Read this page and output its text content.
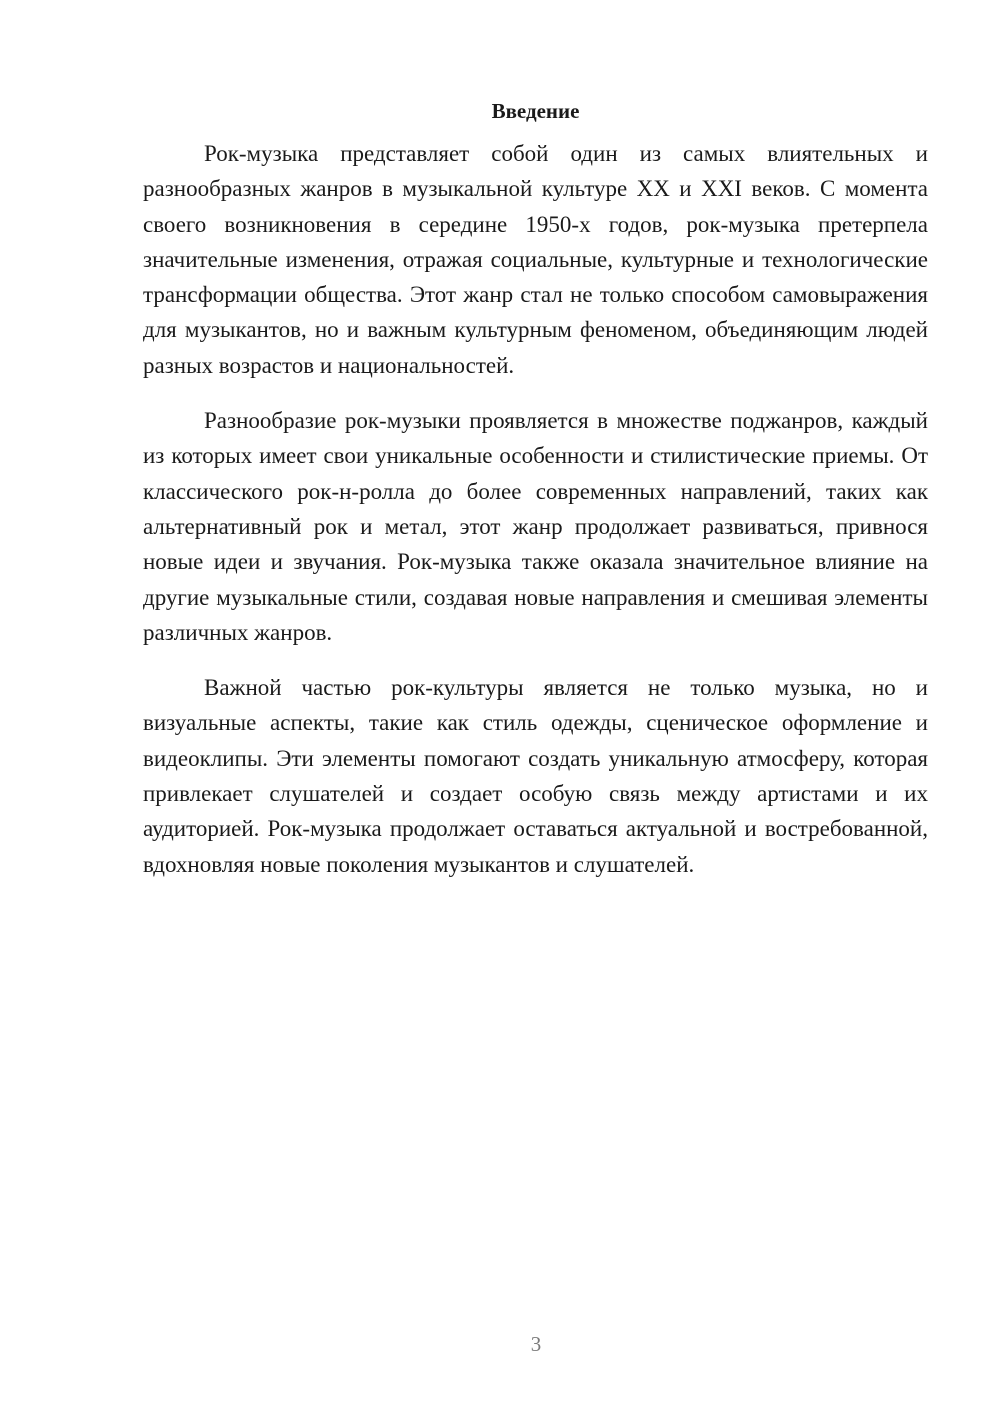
Введение

Рок-музыка представляет собой один из самых влиятельных и разнообразных жанров в музыкальной культуре XX и XXI веков. С момента своего возникновения в середине 1950-х годов, рок-музыка претерпела значительные изменения, отражая социальные, культурные и технологические трансформации общества. Этот жанр стал не только способом самовыражения для музыкантов, но и важным культурным феноменом, объединяющим людей разных возрастов и национальностей.

Разнообразие рок-музыки проявляется в множестве поджанров, каждый из которых имеет свои уникальные особенности и стилистические приемы. От классического рок-н-ролла до более современных направлений, таких как альтернативный рок и метал, этот жанр продолжает развиваться, привнося новые идеи и звучания. Рок-музыка также оказала значительное влияние на другие музыкальные стили, создавая новые направления и смешивая элементы различных жанров.

Важной частью рок-культуры является не только музыка, но и визуальные аспекты, такие как стиль одежды, сценическое оформление и видеоклипы. Эти элементы помогают создать уникальную атмосферу, которая привлекает слушателей и создает особую связь между артистами и их аудиторией. Рок-музыка продолжает оставаться актуальной и востребованной, вдохновляя новые поколения музыкантов и слушателей.

3
